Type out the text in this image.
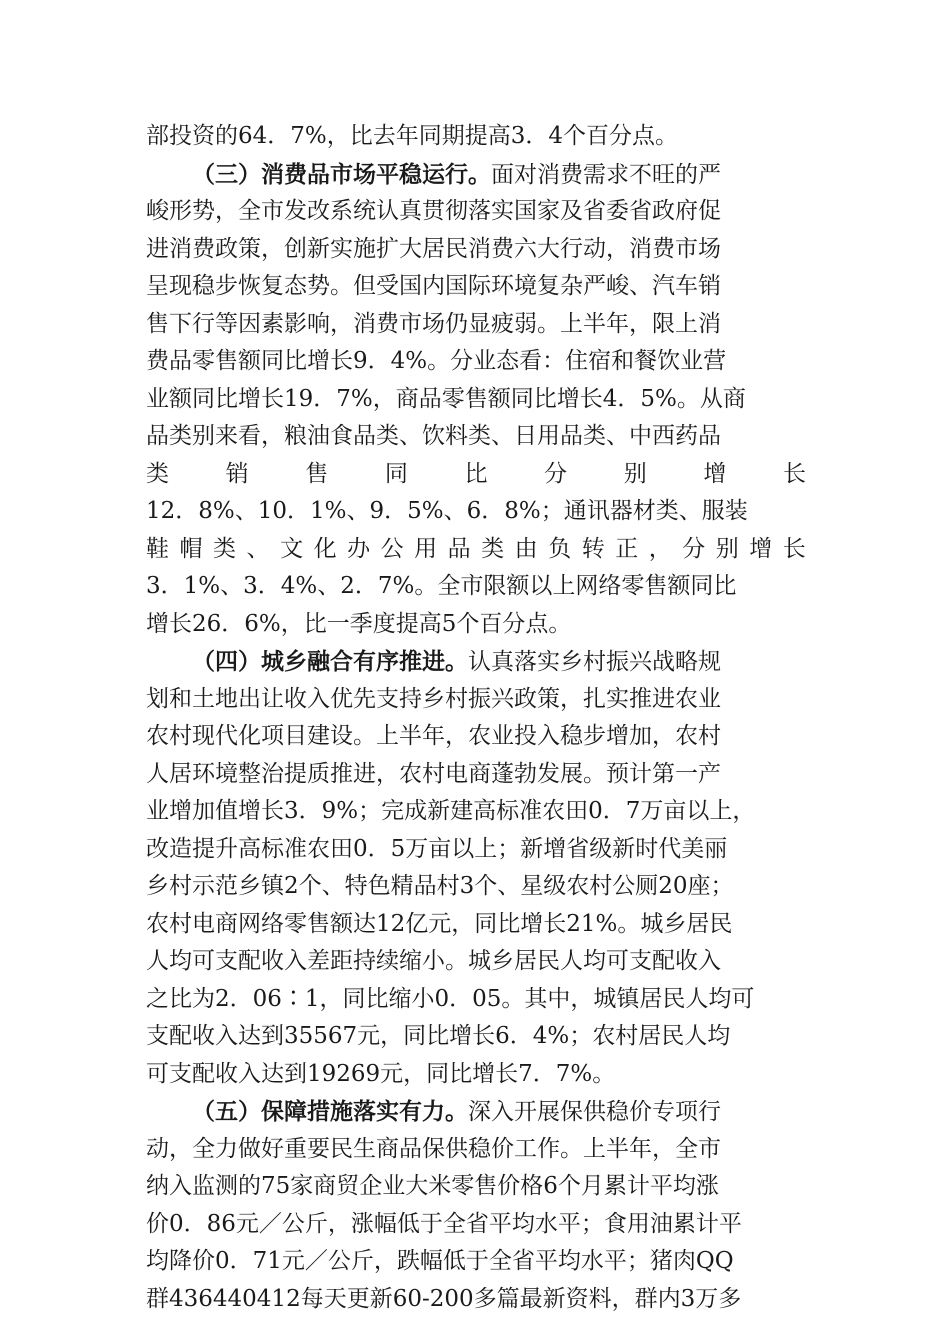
部投资的64．7%，比去年同期提高3．4个百分点。
（三）消费品市场平稳运行。面对消费需求不旺的严
峻形势，全市发改系统认真贯彻落实国家及省委省政府促
进消费政策，创新实施扩大居民消费六大行动，消费市场
呈现稳步恢复态势。但受国内国际环境复杂严峻、汽车销
售下行等因素影响，消费市场仍显疲弱。上半年，限上消
费品零售额同比增长9．4%。分业态看：住宿和餐饮业营
业额同比增长19．7%，商品零售额同比增长4．5%。从商
品类别来看，粮油食品类、饮料类、日用品类、中西药品
类 销 售 同 比 分 别 增 长
12．8%、10．1%、9．5%、6．8%；通讯器材类、服装
鞋 帽 类 、 文 化 办 公 用 品 类 由 负 转 正 ， 分 别 增 长
3．1%、3．4%、2．7%。全市限额以上网络零售额同比
增长26．6%，比一季度提高5个百分点。
（四）城乡融合有序推进。认真落实乡村振兴战略规
划和土地出让收入优先支持乡村振兴政策，扎实推进农业
农村现代化项目建设。上半年，农业投入稳步增加，农村
人居环境整治提质推进，农村电商蓬勃发展。预计第一产
业增加值增长3．9%；完成新建高标准农田0．7万亩以上，
改造提升高标准农田0．5万亩以上；新增省级新时代美丽
乡村示范乡镇2个、特色精品村3个、星级农村公厕20座；
农村电商网络零售额达12亿元，同比增长21%。城乡居民
人均可支配收入差距持续缩小。城乡居民人均可支配收入
之比为2．06∶1，同比缩小0．05。其中，城镇居民人均可
支配收入达到35567元，同比增长6．4%；农村居民人均
可支配收入达到19269元，同比增长7．7%。
（五）保障措施落实有力。深入开展保供稳价专项行
动，全力做好重要民生商品保供稳价工作。上半年，全市
纳入监测的75家商贸企业大米零售价格6个月累计平均涨
价0．86元／公斤，涨幅低于全省平均水平；食用油累计平
均降价0．71元／公斤，跌幅低于全省平均水平；猪肉QQ
群436440412每天更新60-200多篇最新资料，群内3万多
